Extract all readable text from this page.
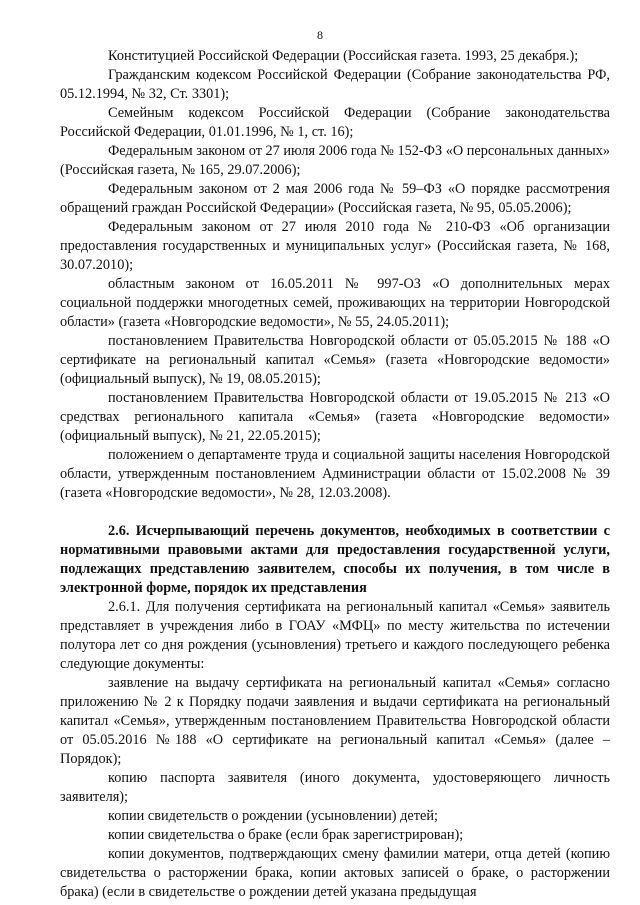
8

Конституцией Российской Федерации (Российская газета. 1993, 25 декабря.);

Гражданским кодексом Российской Федерации (Собрание законодательства РФ, 05.12.1994, № 32, Ст. 3301);

Семейным кодексом Российской Федерации (Собрание законодательства Российской Федерации, 01.01.1996, № 1, ст. 16);

Федеральным законом от 27 июля 2006 года № 152-ФЗ «О персональных данных» (Российская газета, № 165, 29.07.2006);

Федеральным законом от 2 мая 2006 года № 59–ФЗ «О порядке рассмотрения обращений граждан Российской Федерации» (Российская газета, № 95, 05.05.2006);

Федеральным законом от 27 июля 2010 года № 210-ФЗ «Об организации предоставления государственных и муниципальных услуг» (Российская газета, № 168, 30.07.2010);

областным законом от 16.05.2011 № 997-ОЗ «О дополнительных мерах социальной поддержки многодетных семей, проживающих на территории Новгородской области» (газета «Новгородские ведомости», № 55, 24.05.2011);

постановлением Правительства Новгородской области от 05.05.2015 № 188 «О сертификате на региональный капитал «Семья» (газета «Новгородские ведомости» (официальный выпуск), № 19, 08.05.2015);

постановлением Правительства Новгородской области от 19.05.2015 № 213 «О средствах регионального капитала «Семья» (газета «Новгородские ведомости» (официальный выпуск), № 21, 22.05.2015);

положением о департаменте труда и социальной защиты населения Новгородской области, утвержденным постановлением Администрации области от 15.02.2008 № 39 (газета «Новгородские ведомости», № 28, 12.03.2008).

2.6. Исчерпывающий перечень документов, необходимых в соответствии с нормативными правовыми актами для предоставления государственной услуги, подлежащих представлению заявителем, способы их получения, в том числе в электронной форме, порядок их представления

2.6.1. Для получения сертификата на региональный капитал «Семья» заявитель представляет в учреждения либо в ГОАУ «МФЦ» по месту жительства по истечении полутора лет со дня рождения (усыновления) третьего и каждого последующего ребенка следующие документы:

заявление на выдачу сертификата на региональный капитал «Семья» согласно приложению № 2 к Порядку подачи заявления и выдачи сертификата на региональный капитал «Семья», утвержденным постановлением Правительства Новгородской области от 05.05.2016 №188 «О сертификате на региональный капитал «Семья» (далее – Порядок);

копию паспорта заявителя (иного документа, удостоверяющего личность заявителя);

копии свидетельств о рождении (усыновлении) детей;

копии свидетельства о браке (если брак зарегистрирован);

копии документов, подтверждающих смену фамилии матери, отца детей (копию свидетельства о расторжении брака, копии актовых записей о браке, о расторжении брака) (если в свидетельстве о рождении детей указана предыдущая
